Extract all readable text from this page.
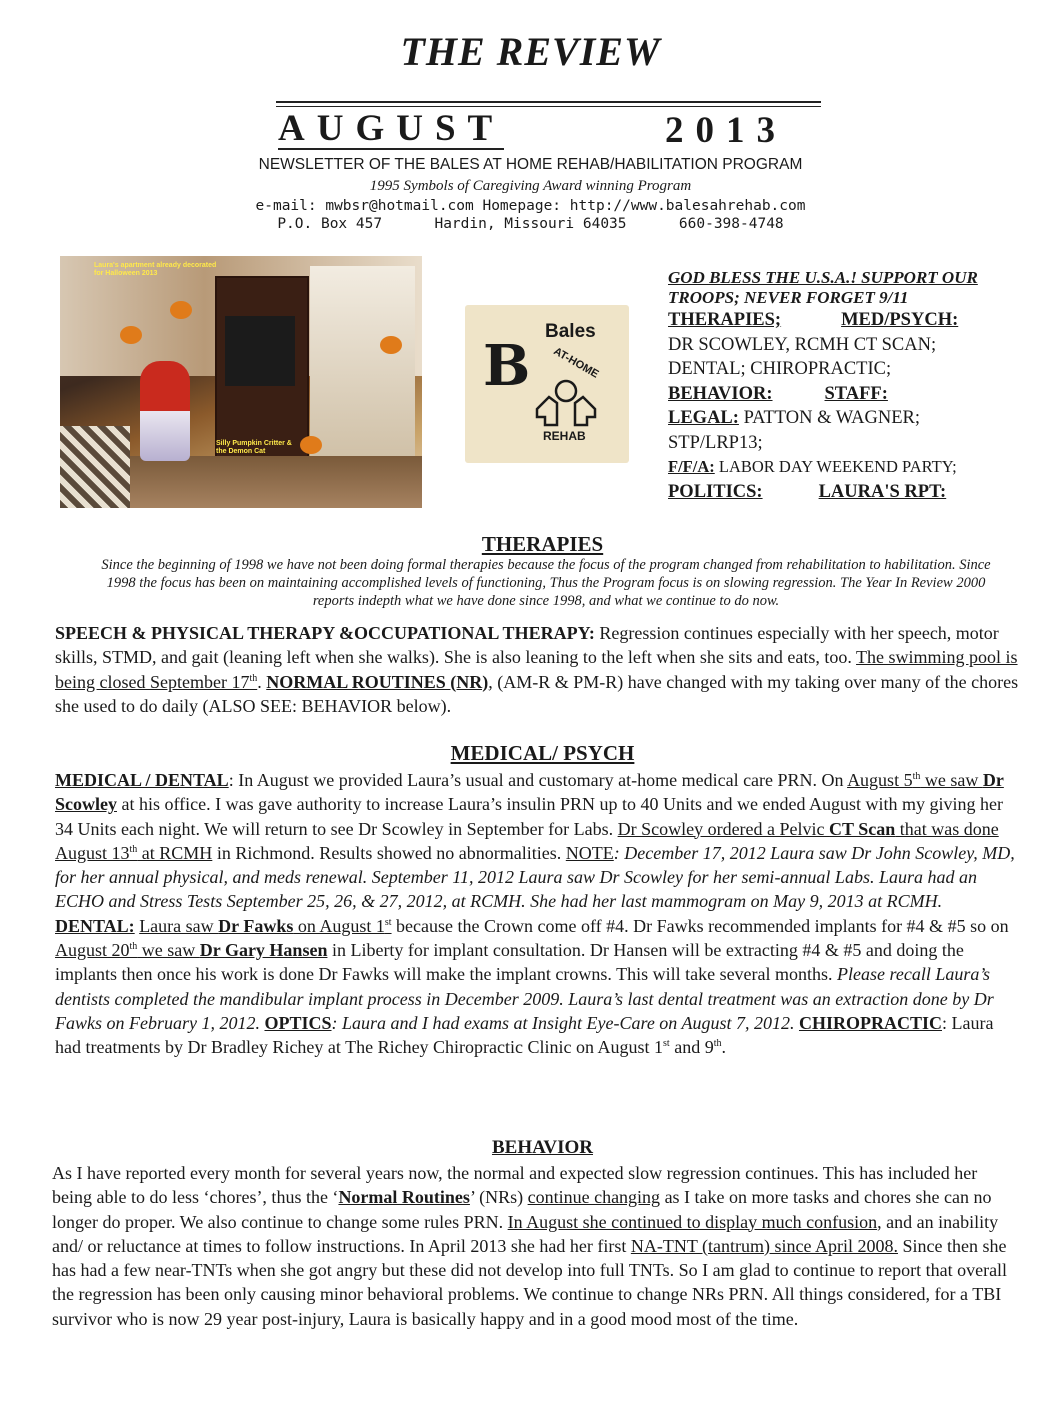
THE REVIEW
AUGUST	2013
NEWSLETTER OF THE BALES AT HOME REHAB/HABILITATION PROGRAM
1995 Symbols of Caregiving Award winning Program
e-mail: mwbsr@hotmail.com Homepage: http://www.balesahrehab.com
P.O. Box 457      Hardin, Missouri 64035      660-398-4748
Laura's apartment already decorated for Halloween 2013
Silly Pumpkin Critter & the Demon Cat
B
Bales
AT-HOME
REHAB
GOD BLESS THE U.S.A.! SUPPORT OUR
TROOPS; NEVER FORGET 9/11
THERAPIES;	MED/PSYCH:
DR SCOWLEY, RCMH CT SCAN;
DENTAL; CHIROPRACTIC;
BEHAVIOR:	STAFF:
LEGAL: PATTON & WAGNER;
STP/LRP13;
F/F/A: LABOR DAY WEEKEND PARTY;
POLITICS:	LAURA'S RPT:
THERAPIES
Since the beginning of 1998 we have not been doing formal therapies because the focus of the program changed from rehabilitation to habilitation. Since 1998 the focus has been on maintaining accomplished levels of functioning, Thus the Program focus is on slowing regression. The Year In Review 2000 reports indepth what we have done since 1998, and what we continue to do now.
SPEECH & PHYSICAL THERAPY &OCCUPATIONAL THERAPY: Regression continues especially with her speech, motor skills, STMD, and gait (leaning left when she walks). She is also leaning to the left when she sits and eats, too. The swimming pool is being closed September 17th. NORMAL ROUTINES (NR), (AM-R & PM-R) have changed with my taking over many of the chores she used to do daily (ALSO SEE: BEHAVIOR below).
MEDICAL/ PSYCH
MEDICAL / DENTAL: In August we provided Laura’s usual and customary at-home medical care PRN. On August 5th we saw Dr Scowley at his office. I was gave authority to increase Laura’s insulin PRN up to 40 Units and we ended August with my giving her 34 Units each night. We will return to see Dr Scowley in September for Labs. Dr Scowley ordered a Pelvic CT Scan that was done August 13th at RCMH in Richmond. Results showed no abnormalities. NOTE: December 17, 2012 Laura saw Dr John Scowley, MD, for her annual physical, and meds renewal. September 11, 2012 Laura saw Dr Scowley for her semi-annual Labs. Laura had an ECHO and Stress Tests September 25, 26, & 27, 2012, at RCMH. She had her last mammogram on May 9, 2013 at RCMH.
DENTAL: Laura saw Dr Fawks on August 1st because the Crown come off #4. Dr Fawks recommended implants for #4 & #5 so on August 20th we saw Dr Gary Hansen in Liberty for implant consultation. Dr Hansen will be extracting #4 & #5 and doing the implants then once his work is done Dr Fawks will make the implant crowns. This will take several months. Please recall Laura’s dentists completed the mandibular implant process in December 2009. Laura’s last dental treatment was an extraction done by Dr Fawks on February 1, 2012. OPTICS: Laura and I had exams at Insight Eye-Care on August 7, 2012. CHIROPRACTIC: Laura had treatments by Dr Bradley Richey at The Richey Chiropractic Clinic on August 1st and 9th.
BEHAVIOR
As I have reported every month for several years now, the normal and expected slow regression continues. This has included her being able to do less ‘chores’, thus the ‘Normal Routines’ (NRs) continue changing as I take on more tasks and chores she can no longer do proper. We also continue to change some rules PRN. In August she continued to display much confusion, and an inability and/ or reluctance at times to follow instructions. In April 2013 she had her first NA-TNT (tantrum) since April 2008. Since then she has had a few near-TNTs when she got angry but these did not develop into full TNTs. So I am glad to continue to report that overall the regression has been only causing minor behavioral problems. We continue to change NRs PRN. All things considered, for a TBI survivor who is now 29 year post-injury, Laura is basically happy and in a good mood most of the time.
